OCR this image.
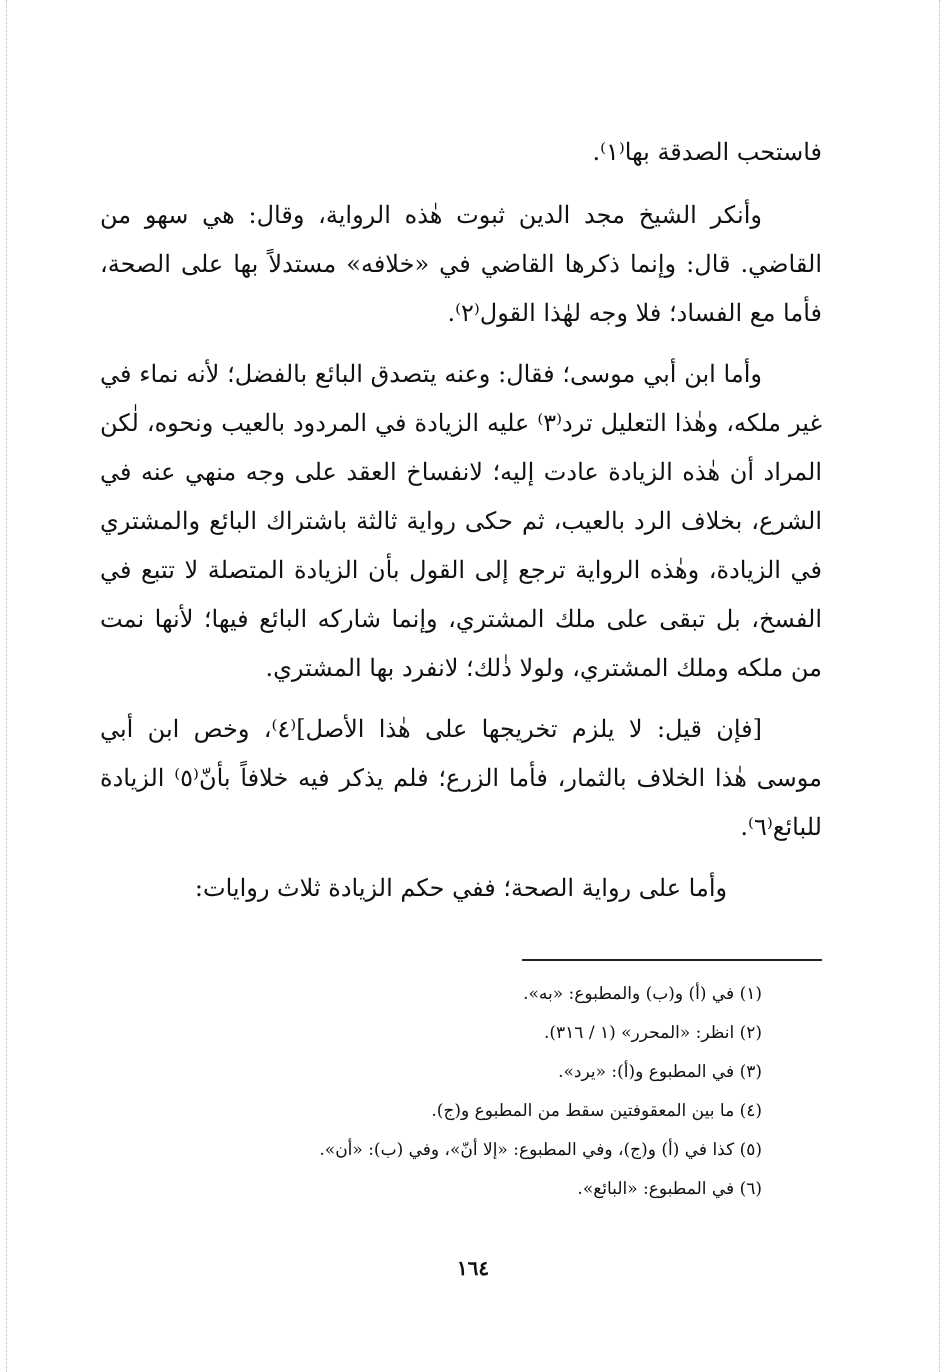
فاستحب الصدقة بها⁽١⁾.

وأنكر الشيخ مجد الدين ثبوت هٰذه الرواية، وقال: هي سهو من القاضي. قال: وإنما ذكرها القاضي في «خلافه» مستدلاً بها على الصحة، فأما مع الفساد؛ فلا وجه لهٰذا القول⁽٢⁾.

وأما ابن أبي موسى؛ فقال: وعنه يتصدق البائع بالفضل؛ لأنه نماء في غير ملكه، وهٰذا التعليل ترد⁽٣⁾ عليه الزيادة في المردود بالعيب ونحوه، لٰكن المراد أن هٰذه الزيادة عادت إليه؛ لانفساخ العقد على وجه منهي عنه في الشرع، بخلاف الرد بالعيب، ثم حكى رواية ثالثة باشتراك البائع والمشتري في الزيادة، وهٰذه الرواية ترجع إلى القول بأن الزيادة المتصلة لا تتبع في الفسخ، بل تبقى على ملك المشتري، وإنما شاركه البائع فيها؛ لأنها نمت من ملكه وملك المشتري، ولولا ذٰلك؛ لانفرد بها المشتري.

[فإن قيل: لا يلزم تخريجها على هٰذا الأصل]⁽٤⁾، وخص ابن أبي موسى هٰذا الخلاف بالثمار، فأما الزرع؛ فلم يذكر فيه خلافاً بأنّ⁽٥⁾ الزيادة للبائع⁽٦⁾.

وأما على رواية الصحة؛ ففي حكم الزيادة ثلاث روايات:

(١) في (أ) و(ب) والمطبوع: «به».
(٢) انظر: «المحرر» (١ / ٣١٦).
(٣) في المطبوع و(أ): «يرد».
(٤) ما بين المعقوفتين سقط من المطبوع و(ج).
(٥) كذا في (أ) و(ج)، وفي المطبوع: «إلا أنّ»، وفي (ب): «أن».
(٦) في المطبوع: «البائع».
١٦٤
